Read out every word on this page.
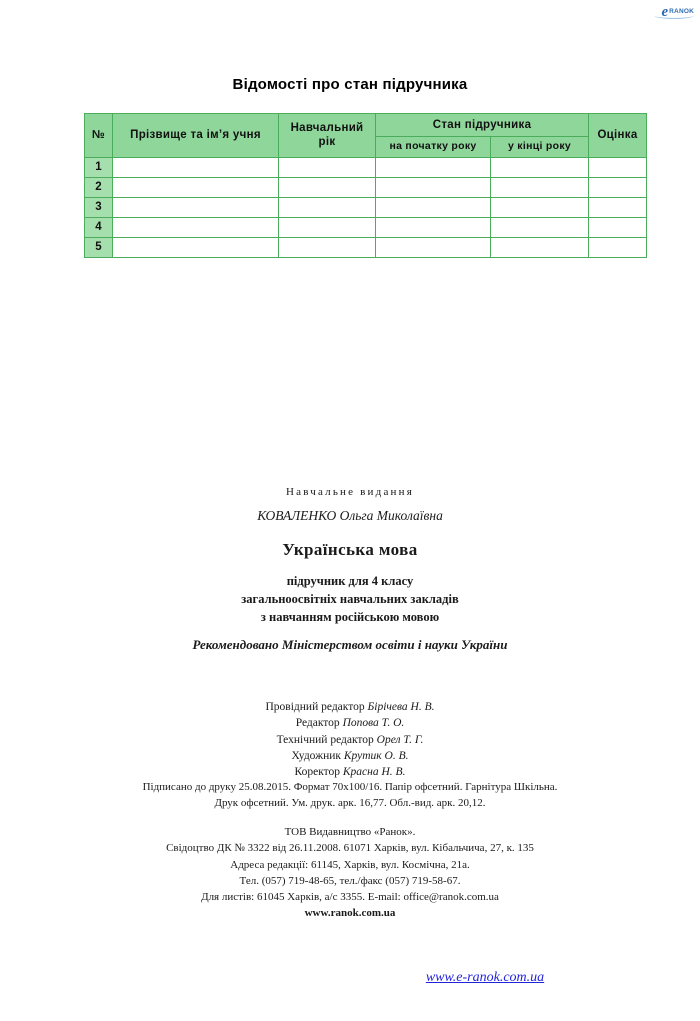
e RANOK
Відомості про стан підручника
№	Прізвище та ім’я учня	Навчальний рік	Стан підручника		Оцінка
			на початку року	у кінці року	
1					
2					
3					
4					
5					
Навчальне видання
КОВАЛЕНКО Ольга Миколаївна
Українська мова
підручник для 4 класу
загальноосвітніх навчальних закладів
з навчанням російською мовою
Рекомендовано Міністерством освіти і науки України
Провідний редактор Бірічева Н. В.
Редактор Попова Т. О.
Технічний редактор Орел Т. Г.
Художник Крутик О. В.
Коректор Красна Н. В.
Підписано до друку 25.08.2015. Формат 70х100/16. Папір офсетний. Гарнітура Шкільна.
Друк офсетний. Ум. друк. арк. 16,77. Обл.-вид. арк. 20,12.
ТОВ Видавництво «Ранок».
Свідоцтво ДК № 3322 від 26.11.2008. 61071 Харків, вул. Кібальчича, 27, к. 135
Адреса редакції: 61145, Харків, вул. Космічна, 21а.
Тел. (057) 719-48-65, тел./факс (057) 719-58-67.
Для листів: 61045 Харків, а/с 3355. E-mail: office@ranok.com.ua
www.ranok.com.ua
www.e-ranok.com.ua
